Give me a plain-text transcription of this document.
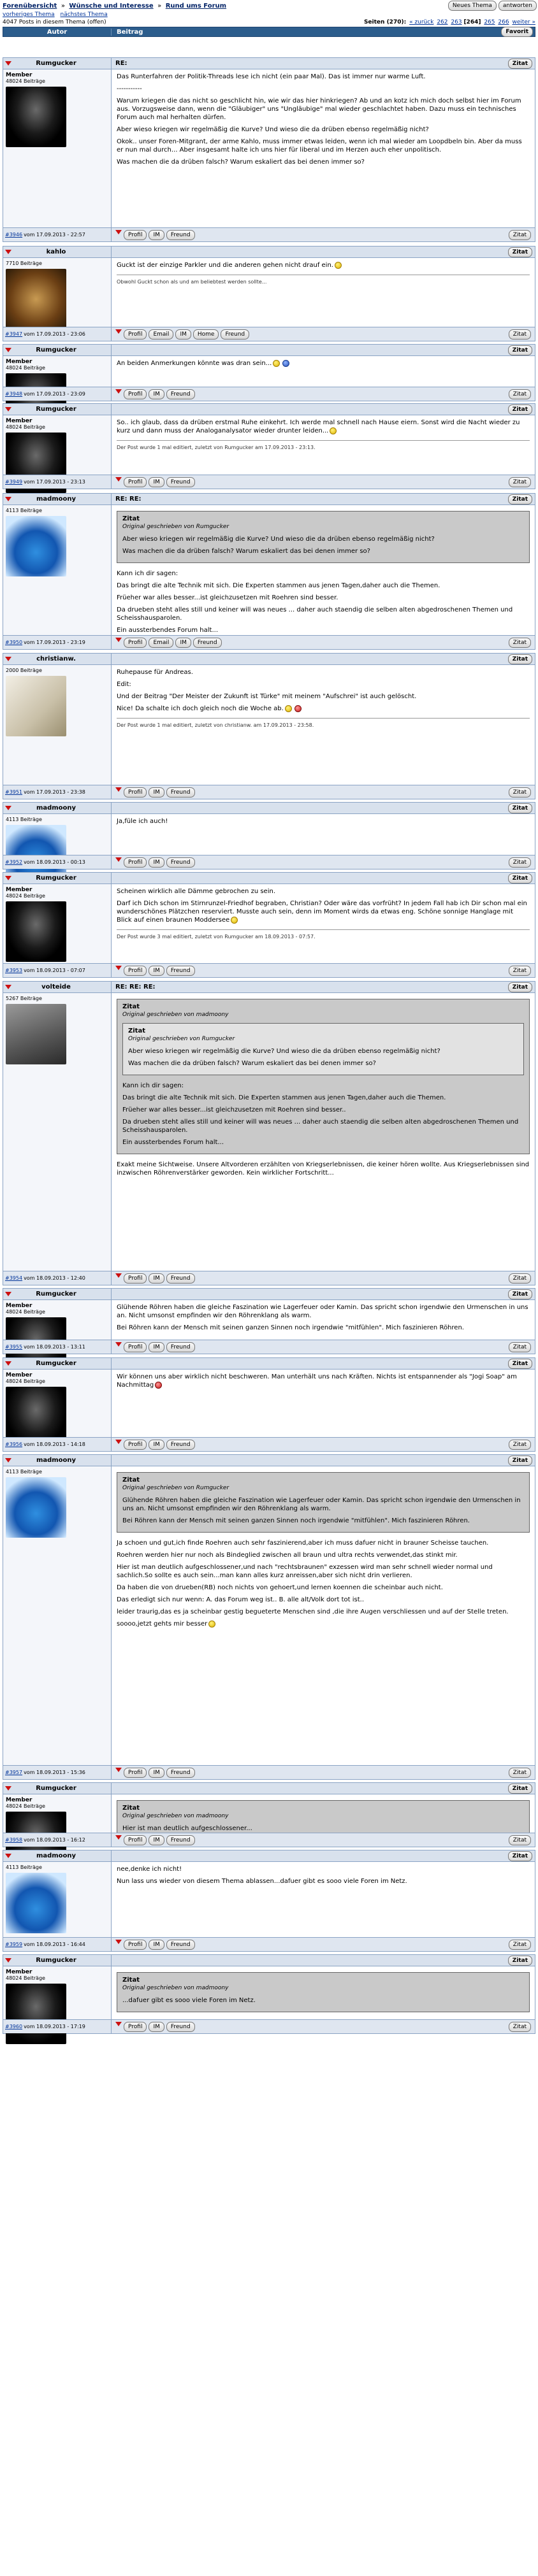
Forenübersicht » Wünsche und Interesse » Rund ums Forum	Neues Thema	antworten
vorheriges Thema nächstes Thema
4047 Posts in diesem Thema (offen)	Seiten (270): « zurück 262 263 [264] 265 266 weiter »
Autor	Beitrag	Favorit
Rumgucker	RE:	Zitat
Member
48024 Beiträge

Das Runterfahren der Politik-Threads lese ich nicht (ein paar Mal). Das ist immer nur warme Luft.

-----------

Warum kriegen die das nicht so geschlicht hin, wie wir das hier hinkriegen? Ab und an kotz ich mich doch selbst hier im Forum aus. Vorzugsweise dann, wenn die "Gläubiger" uns "Ungläubige" mal wieder geschlachtet haben. Dazu muss ein technisches Forum auch mal herhalten dürfen.

Aber wieso kriegen wir regelmäßig die Kurve? Und wieso die da drüben ebenso regelmäßig nicht?

Okok.. unser Foren-Mitgrant, der arme Kahlo, muss immer etwas leiden, wenn ich mal wieder am Loopdbeln bin. Aber da muss er nun mal durch... Aber insgesamt halte ich uns hier für liberal und im Herzen auch eher unpolitisch.

Was machen die da drüben falsch? Warum eskaliert das bei denen immer so?

#3946 vom 17.09.2013 - 22:57	Profil	IM	Freund	Zitat
kahlo	Zitat
7710 Beiträge	Guckt ist der einzige Parkler und die anderen gehen nicht drauf ein.

Obwohl Guckt schon als und am beliebtest werden sollte...
#3947 vom 17.09.2013 - 23:06	Profil	Email	IM	Home	Freund	Zitat
Rumgucker	Zitat
Member
48024 Beiträge

An beiden Anmerkungen könnte was dran sein...

#3948 vom 17.09.2013 - 23:09	Profil	IM	Freund	Zitat
Rumgucker	Zitat
Member
48024 Beiträge

So.. ich glaub, dass da drüben erstmal Ruhe einkehrt. Ich werde mal schnell nach Hause eiern. Sonst wird die Nacht wieder zu kurz und dann muss der Analoganalysator wieder drunter leiden...

Der Post wurde 1 mal editiert, zuletzt von Rumgucker am 17.09.2013 - 23:13.
#3949 vom 17.09.2013 - 23:13	Profil	IM	Freund	Zitat
madmoony	RE: RE:	Zitat
4113 Beiträge
Zitat
Original geschrieben von Rumgucker

Aber wieso kriegen wir regelmäßig die Kurve? Und wieso die da drüben ebenso regelmäßig nicht?

Was machen die da drüben falsch? Warum eskaliert das bei denen immer so?

Kann ich dir sagen:

Das bringt die alte Technik mit sich. Die Experten stammen aus jenen Tagen,daher auch die Themen.

Früeher war alles besser...ist gleichzusetzen mit Roehren sind besser.

Da drueben steht alles still und keiner will was neues ... daher auch staendig die selben alten abgedroschenen Themen und Scheisshausparolen.

Ein aussterbendes Forum halt...

#3950 vom 17.09.2013 - 23:19	Profil	Email	IM	Freund	Zitat
christianw.	Zitat
2000 Beiträge	Ruhepause für Andreas.

Edit:

Und der Beitrag "Der Meister der Zukunft ist Türke" mit meinem "Aufschrei" ist auch gelöscht.

Nice! Da schalte ich doch gleich noch die Woche ab.

Der Post wurde 1 mal editiert, zuletzt von christianw. am 17.09.2013 - 23:58.
#3951 vom 17.09.2013 - 23:38	Profil	IM	Freund	Zitat
madmoony	Zitat
4113 Beiträge	Ja,füle ich auch!

#3952 vom 18.09.2013 - 00:13	Profil	IM	Freund	Zitat
Rumgucker	Zitat
Member
48024 Beiträge

Scheinen wirklich alle Dämme gebrochen zu sein.

Darf ich Dich schon im Stirnrunzel-Friedhof begraben, Christian? Oder wäre das vorfrüht? In jedem Fall hab ich Dir schon mal ein wunderschönes Plätzchen reserviert. Musste auch sein, denn im Moment wirds da etwas eng. Schöne sonnige Hanglage mit Blick auf einen braunen Moddersee

Der Post wurde 3 mal editiert, zuletzt von Rumgucker am 18.09.2013 - 07:57.
#3953 vom 18.09.2013 - 07:07	Profil	IM	Freund	Zitat
volteide	RE: RE: RE:	Zitat
5267 Beiträge
Zitat
Original geschrieben von madmoony
Zitat
Original geschrieben von Rumgucker

Aber wieso kriegen wir regelmäßig die Kurve? Und wieso die da drüben ebenso regelmäßig nicht?

Was machen die da drüben falsch? Warum eskaliert das bei denen immer so?

Kann ich dir sagen:

Das bringt die alte Technik mit sich. Die Experten stammen aus jenen Tagen,daher auch die Themen.

Früeher war alles besser...ist gleichzusetzen mit Roehren sind besser..

Da drueben steht alles still und keiner will was neues ... daher auch staendig die selben alten abgedroschenen Themen und Scheisshausparolen.

Ein aussterbendes Forum halt...

Exakt meine Sichtweise. Unsere Altvorderen erzählten von Kriegserlebnissen, die keiner hören wollte. Aus Kriegserlebnissen sind inzwischen Röhrenverstärker geworden. Kein wirklicher Fortschritt...

#3954 vom 18.09.2013 - 12:40	Profil	IM	Freund	Zitat
Rumgucker	Zitat
Member
48024 Beiträge

Glühende Röhren haben die gleiche Faszination wie Lagerfeuer oder Kamin. Das spricht schon irgendwie den Urmenschen in uns an. Nicht umsonst empfinden wir den Röhrenklang als warm.

Bei Röhren kann der Mensch mit seinen ganzen Sinnen noch irgendwie "mitfühlen". Mich faszinieren Röhren.

#3955 vom 18.09.2013 - 13:11	Profil	IM	Freund	Zitat
Rumgucker	Zitat
Member
48024 Beiträge

Wir können uns aber wirklich nicht beschweren. Man unterhält uns nach Kräften. Nichts ist entspannender als "Jogi Soap" am Nachmittag

#3956 vom 18.09.2013 - 14:18	Profil	IM	Freund	Zitat
madmoony	Zitat
4113 Beiträge
Zitat
Original geschrieben von Rumgucker

Glühende Röhren haben die gleiche Faszination wie Lagerfeuer oder Kamin. Das spricht schon irgendwie den Urmenschen in uns an. Nicht umsonst empfinden wir den Röhrenklang als warm.

Bei Röhren kann der Mensch mit seinen ganzen Sinnen noch irgendwie "mitfühlen". Mich faszinieren Röhren.

Ja schoen und gut,ich finde Roehren auch sehr faszinierend,aber ich muss dafuer nicht in brauner Scheisse tauchen.

Roehren werden hier nur noch als Bindeglied zwischen all braun und ultra rechts verwendet,das stinkt mir.

Hier ist man deutlich aufgeschlossener,und nach "rechtsbraunen" exzessen wird man sehr schnell wieder normal und sachlich.So sollte es auch sein...man kann alles kurz anreissen,aber sich nicht drin verlieren.

Da haben die von drueben(RB) noch nichts von gehoert,und lernen koennen die scheinbar auch nicht.

Das erledigt sich nur wenn: A. das Forum weg ist.. B. alle alt/Volk dort tot ist..

leider traurig,das es ja scheinbar gestig begueterte Menschen sind ,die ihre Augen verschliessen und auf der Stelle treten.

soooo,jetzt gehts mir besser

#3957 vom 18.09.2013 - 15:36	Profil	IM	Freund	Zitat
Rumgucker	Zitat
Member
48024 Beiträge	Zitat
Original geschrieben von madmoony

Hier ist man deutlich aufgeschlossener...

#3958 vom 18.09.2013 - 16:12	Profil	IM	Freund	Zitat
madmoony	Zitat
4113 Beiträge	nee,denke ich nicht!

Nun lass uns wieder von diesem Thema ablassen...dafuer gibt es sooo viele Foren im Netz.

#3959 vom 18.09.2013 - 16:44	Profil	IM	Freund	Zitat
Rumgucker	Zitat
Member
48024 Beiträge	Zitat
Original geschrieben von madmoony

...dafuer gibt es sooo viele Foren im Netz.

#3960 vom 18.09.2013 - 17:19	Profil	IM	Freund	Zitat
